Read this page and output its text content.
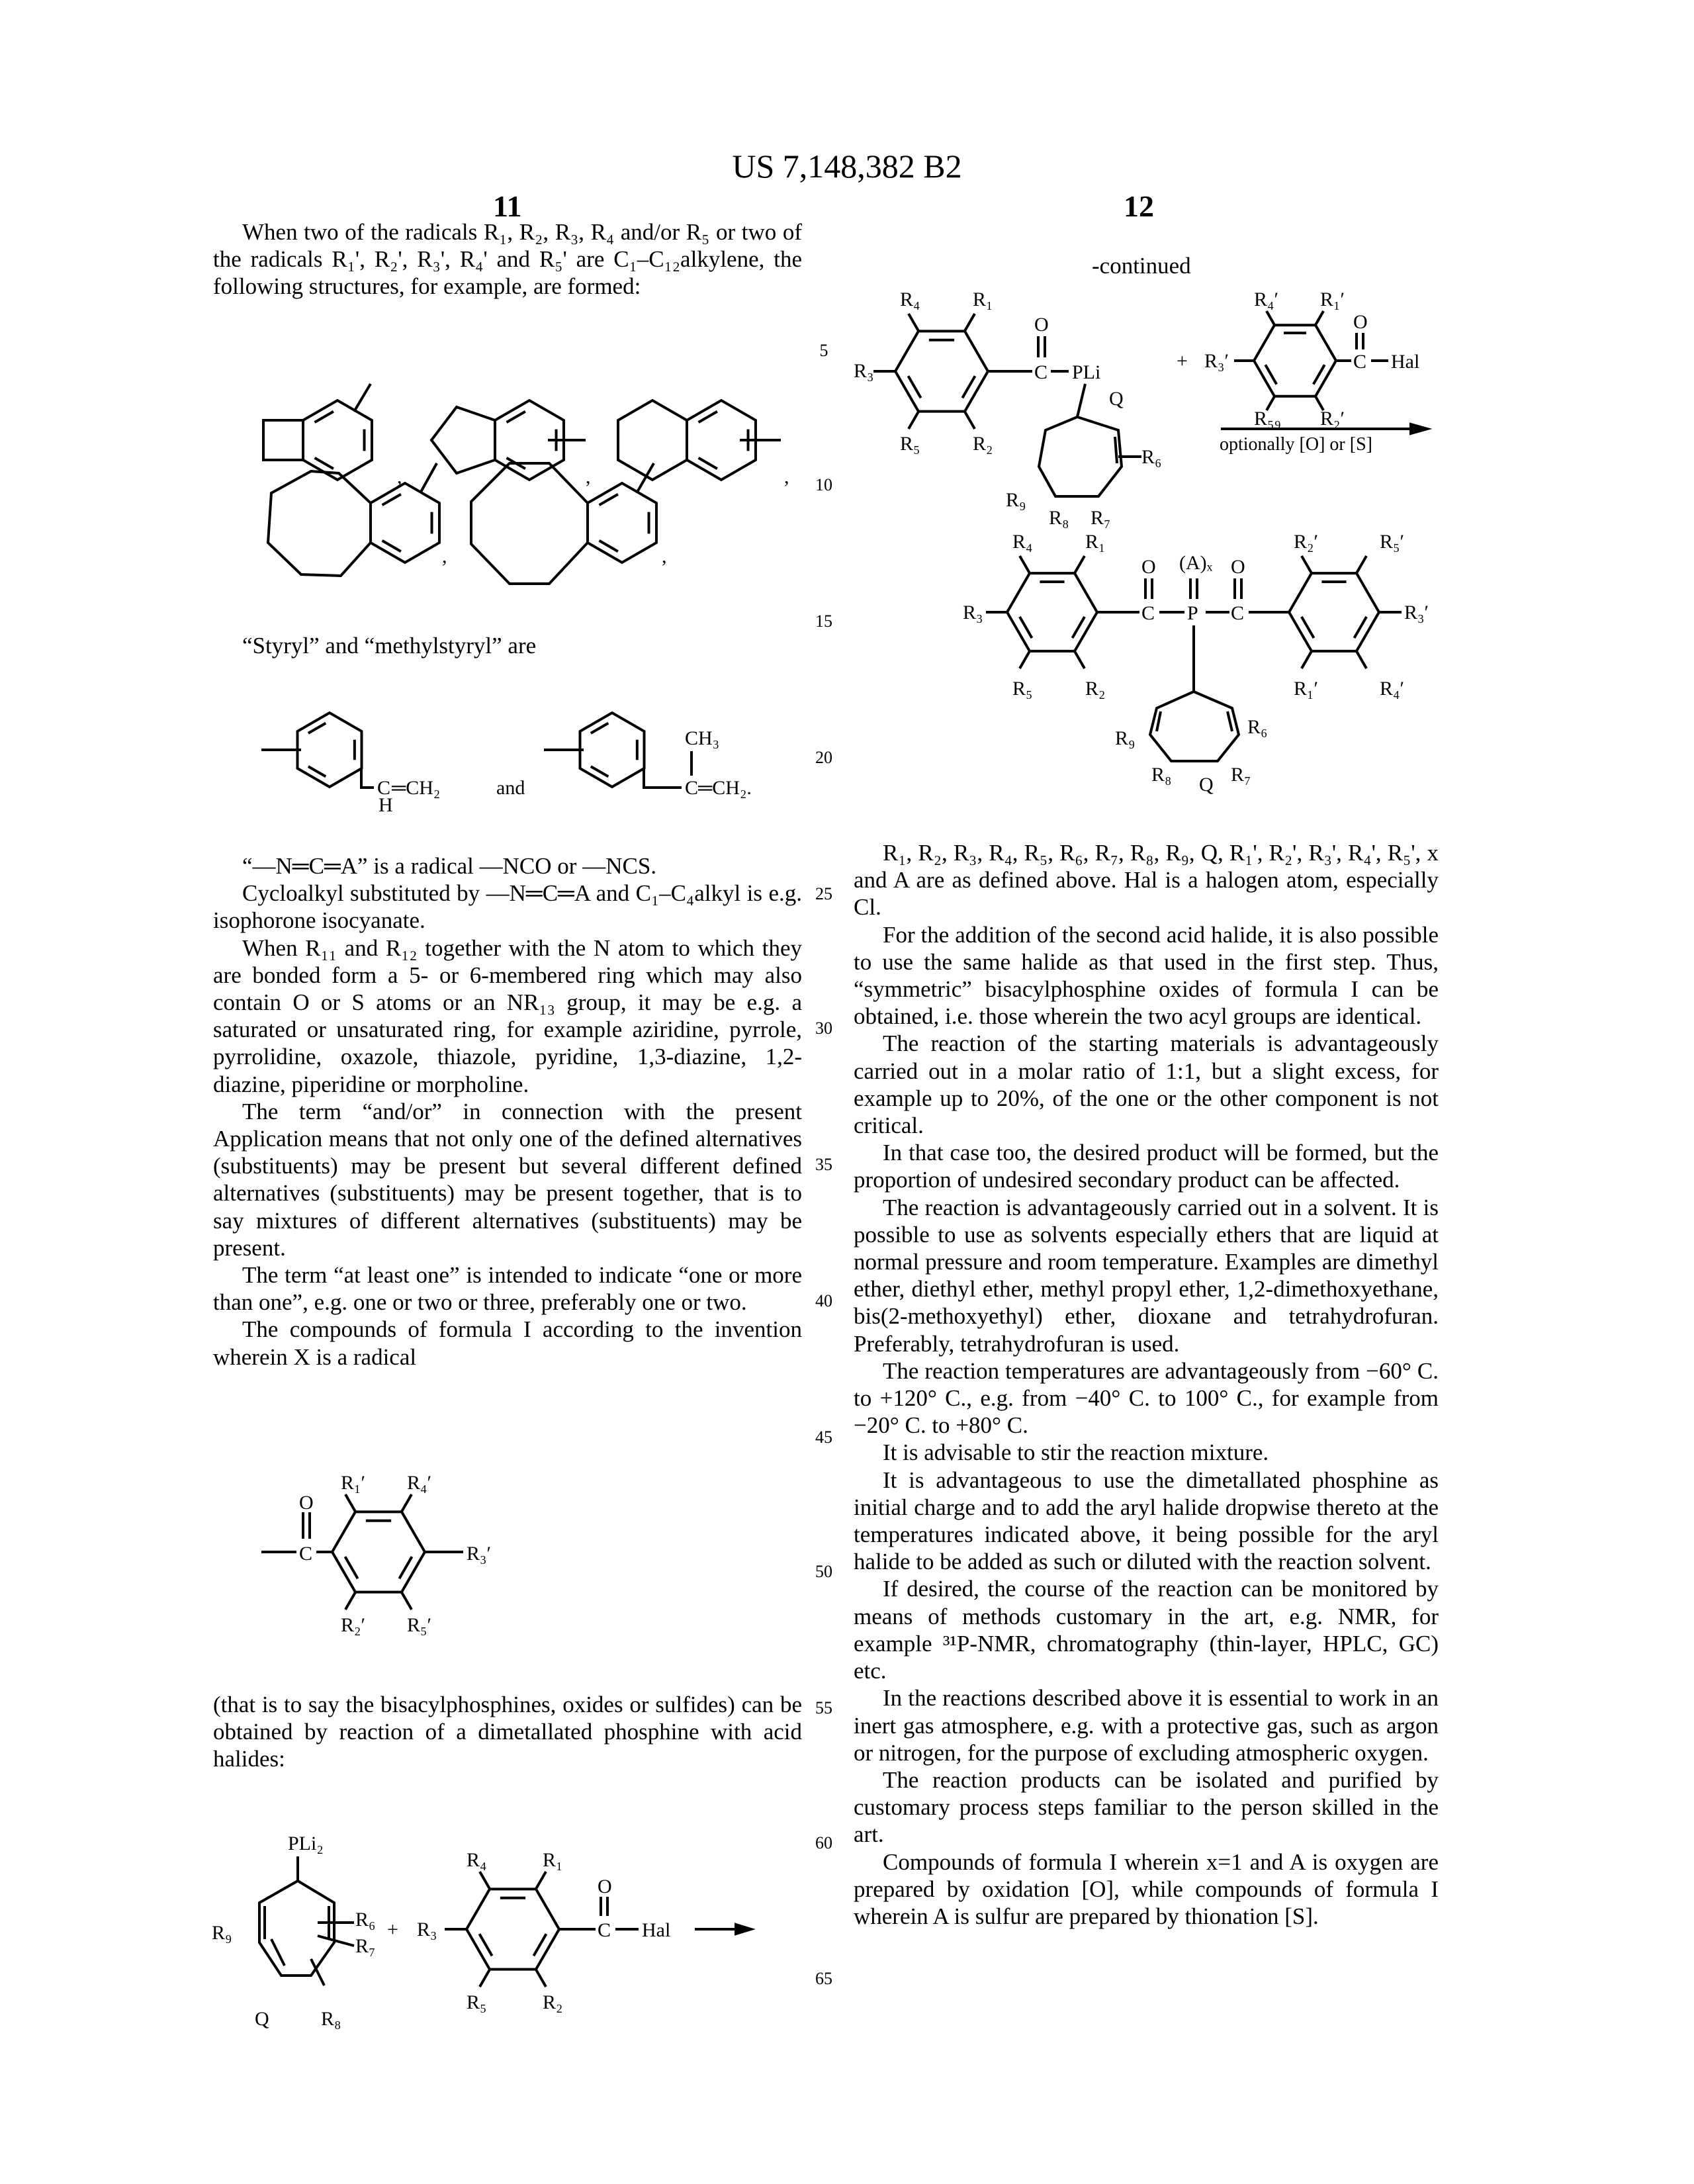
US 7,148,382 B2
11	12

When two of the radicals R₁, R₂, R₃, R₄ and/or R₅ or two of the radicals R₁', R₂', R₃', R₄' and R₅' are C₁–C₁₂alkylene, the following structures, for example, are formed:

“Styryl” and “methylstyryl” are

“—N═C═A” is a radical —NCO or —NCS.

Cycloalkyl substituted by —N═C═A and C₁–C₄alkyl is e.g. isophorone isocyanate.

When R₁₁ and R₁₂ together with the N atom to which they are bonded form a 5- or 6-membered ring which may also contain O or S atoms or an NR₁₃ group, it may be e.g. a saturated or unsaturated ring, for example aziridine, pyrrole, pyrrolidine, oxazole, thiazole, pyridine, 1,3-diazine, 1,2-diazine, piperidine or morpholine.

The term “and/or” in connection with the present Application means that not only one of the defined alternatives (substituents) may be present but several different defined alternatives (substituents) may be present together, that is to say mixtures of different alternatives (substituents) may be present.

The term “at least one” is intended to indicate “one or more than one”, e.g. one or two or three, preferably one or two.

The compounds of formula I according to the invention wherein X is a radical

(that is to say the bisacylphosphines, oxides or sulfides) can be obtained by reaction of a dimetallated phosphine with acid halides:

-continued

R₁, R₂, R₃, R₄, R₅, R₆, R₇, R₈, R₉, Q, R₁', R₂', R₃', R₄', R₅', x and A are as defined above. Hal is a halogen atom, especially Cl.

For the addition of the second acid halide, it is also possible to use the same halide as that used in the first step. Thus, “symmetric” bisacylphosphine oxides of formula I can be obtained, i.e. those wherein the two acyl groups are identical.

The reaction of the starting materials is advantageously carried out in a molar ratio of 1:1, but a slight excess, for example up to 20%, of the one or the other component is not critical.

In that case too, the desired product will be formed, but the proportion of undesired secondary product can be affected.

The reaction is advantageously carried out in a solvent. It is possible to use as solvents especially ethers that are liquid at normal pressure and room temperature. Examples are dimethyl ether, diethyl ether, methyl propyl ether, 1,2-dimethoxyethane, bis(2-methoxyethyl) ether, dioxane and tetrahydrofuran. Preferably, tetrahydrofuran is used.

The reaction temperatures are advantageously from −60° C. to +120° C., e.g. from −40° C. to 100° C., for example from −20° C. to +80° C.

It is advisable to stir the reaction mixture.

It is advantageous to use the dimetallated phosphine as initial charge and to add the aryl halide dropwise thereto at the temperatures indicated above, it being possible for the aryl halide to be added as such or diluted with the reaction solvent.

If desired, the course of the reaction can be monitored by means of methods customary in the art, e.g. NMR, for example ³¹P-NMR, chromatography (thin-layer, HPLC, GC) etc.

In the reactions described above it is essential to work in an inert gas atmosphere, e.g. with a protective gas, such as argon or nitrogen, for the purpose of excluding atmospheric oxygen.

The reaction products can be isolated and purified by customary process steps familiar to the person skilled in the art.

Compounds of formula I wherein x=1 and A is oxygen are prepared by oxidation [O], while compounds of formula I wherein A is sulfur are prepared by thionation [S].

5
10
15
20
25
30
35
40
45
50
55
60
65
,	,	,
,	,
C ═CH₂
H
and
CH₃
C═CH₂.
C
O
R₁′ R₄′
R₃′
R₂′ R₅′
PLi₂
R₉
R₆
R₇
Q	R₈
+ R₃
R₄	R₁
R₅	R₂
C
O
Hal
R₃
R₄	R₁
R₅	R₂
C
O
PLi
Q
R₆
R₉
R₈ R₇
+ R₃′
R₄′ R₁′
R₅₉ R₂′
C
O
Hal
optionally [O] or [S]
R₃
R₄	R₁
R₅	R₂
C
O
P
(A)ₓ
C
O
R₂′	R₅′
R₃′
R₁′	R₄′
R₉
R₆
R₈ Q R₇
